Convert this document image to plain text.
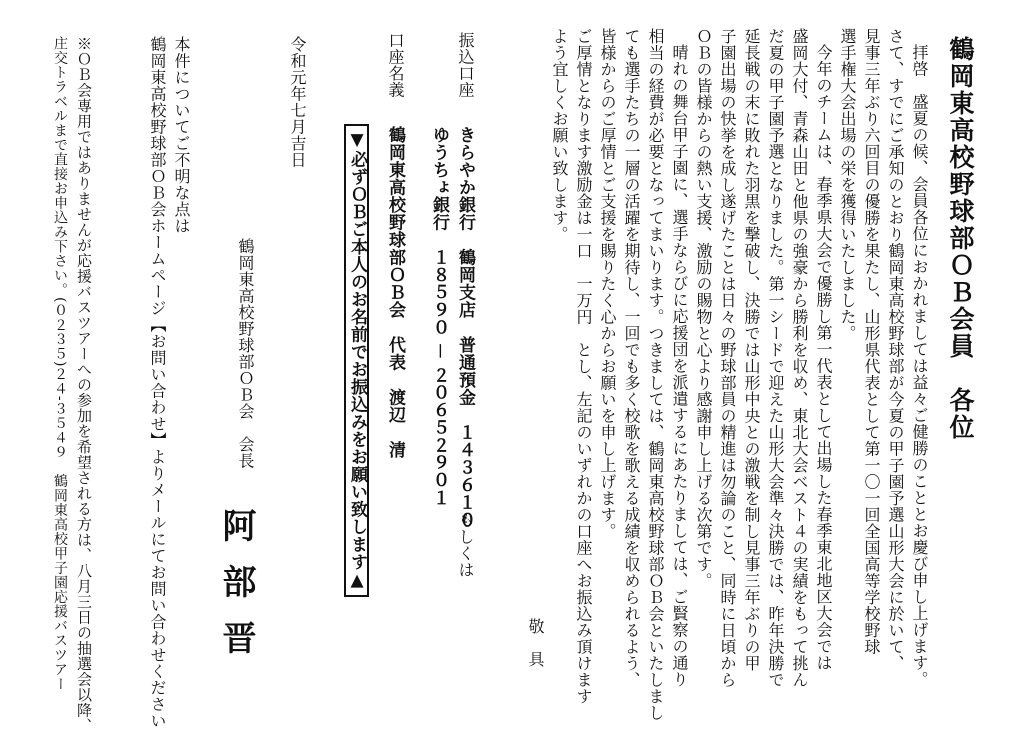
鶴岡東高校野球部ＯＢ会員　各位
拝啓　盛夏の候、会員各位におかれましては益々ご健勝のこととお慶び申し上げます。
さて、すでにご承知のとおり鶴岡東高校野球部が今夏の甲子園予選山形大会に於いて、
見事三年ぶり六回目の優勝を果たし、山形県代表として第一〇一回全国高等学校野球
選手権大会出場の栄を獲得いたしました。
今年のチームは、春季県大会で優勝し第一代表として出場した春季東北地区大会では
盛岡大付、青森山田と他県の強豪から勝利を収め、東北大会ベスト４の実績をもって挑ん
だ夏の甲子園予選となりました。第一シードで迎えた山形大会準々決勝では、昨年決勝で
延長戦の末に敗れた羽黒を撃破し、決勝では山形中央との激戦を制し見事三年ぶりの甲
子園出場の快挙を成し遂げたことは日々の野球部員の精進は勿論のこと、同時に日頃から
ＯＢの皆様からの熱い支援、激励の賜物と心より感謝申し上げる次第です。
晴れの舞台甲子園に、選手ならびに応援団を派遣するにあたりましては、ご賢察の通り
相当の経費が必要となってまいります。つきましては、鶴岡東高校野球部ＯＢ会といたしまし
ても選手たちの一層の活躍を期待し、一回でも多く校歌を歌える成績を収められるよう、
皆様からのご厚情とご支援を賜りたく心からお願いを申し上げます。
ご厚情となります激励金は一口　一万円　とし、左記のいずれかの口座へお振込み頂けます
よう宜しくお願い致します。
敬　具
振込口座
きらやか銀行　鶴岡支店　普通預金　１４３６１０
もしくは
ゆうちょ銀行　１８５９０ － ２０６５２９０１
口座名義
鶴岡東高校野球部ＯＢ会　代表　渡辺　清
▼必ずＯＢご本人のお名前でお振込みをお願い致します▲
令和元年七月吉日
鶴岡東高校野球部ＯＢ会　会長
阿部晋
本件についてご不明な点は
鶴岡東高校野球部ＯＢ会ホームページ【お問い合わせ】よりメールにてお問い合わせください
※ＯＢ会専用ではありませんが応援バスツアーへの参加を希望される方は、八月三日の抽選会以降、
庄交トラベルまで直接お申込み下さい。(０２３５)２４-３５４９　鶴岡東高校甲子園応援バスツアー
